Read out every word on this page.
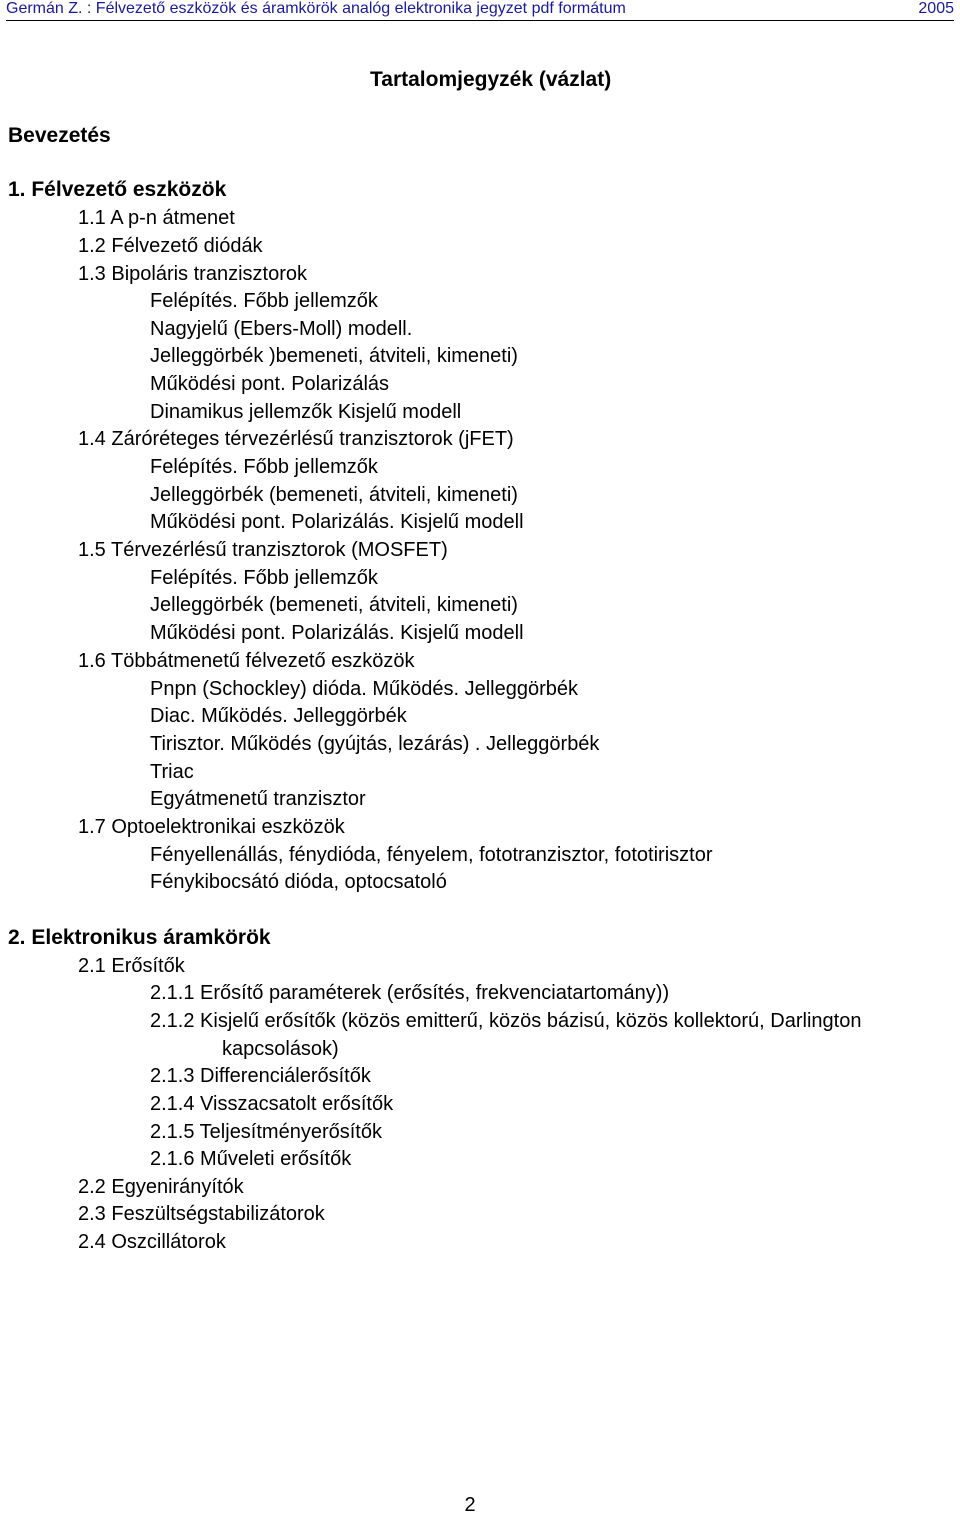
Germán Z. : Félvezető eszközök és áramkörök analóg elektronika jegyzet pdf formátum	2005
Tartalomjegyzék (vázlat)
Bevezetés
1. Félvezető eszközök
1.1 A p-n átmenet
1.2 Félvezető diódák
1.3 Bipoláris tranzisztorok
Felépítés. Főbb jellemzők
Nagyjelű (Ebers-Moll) modell.
Jelleggörbék )bemeneti, átviteli, kimeneti)
Működési pont. Polarizálás
Dinamikus jellemzők Kisjelű modell
1.4 Záróréteges térvezérlésű tranzisztorok (jFET)
Felépítés. Főbb jellemzők
Jelleggörbék (bemeneti, átviteli, kimeneti)
Működési pont. Polarizálás. Kisjelű modell
1.5 Térvezérlésű tranzisztorok (MOSFET)
Felépítés. Főbb jellemzők
Jelleggörbék (bemeneti, átviteli, kimeneti)
Működési pont. Polarizálás. Kisjelű modell
1.6 Többátmenetű félvezető eszközök
Pnpn (Schockley) dióda. Működés. Jelleggörbék
Diac. Működés. Jelleggörbék
Tirisztor. Működés (gyújtás, lezárás) . Jelleggörbék
Triac
Egyátmenetű tranzisztor
1.7 Optoelektronikai eszközök
Fényellenállás, fénydióda, fényelem, fototranzisztor, fototirisztor
Fénykibocsátó dióda, optocsatoló
2. Elektronikus áramkörök
2.1 Erősítők
2.1.1 Erősítő paraméterek (erősítés, frekvenciatartomány))
2.1.2 Kisjelű erősítők (közös emitterű, közös bázisú, közös kollektorú, Darlington
kapcsolások)
2.1.3 Differenciálerősítők
2.1.4 Visszacsatolt erősítők
2.1.5 Teljesítményerősítők
2.1.6 Műveleti erősítők
2.2 Egyenirányítók
2.3 Feszültségstabilizátorok
2.4 Oszcillátorok
2
